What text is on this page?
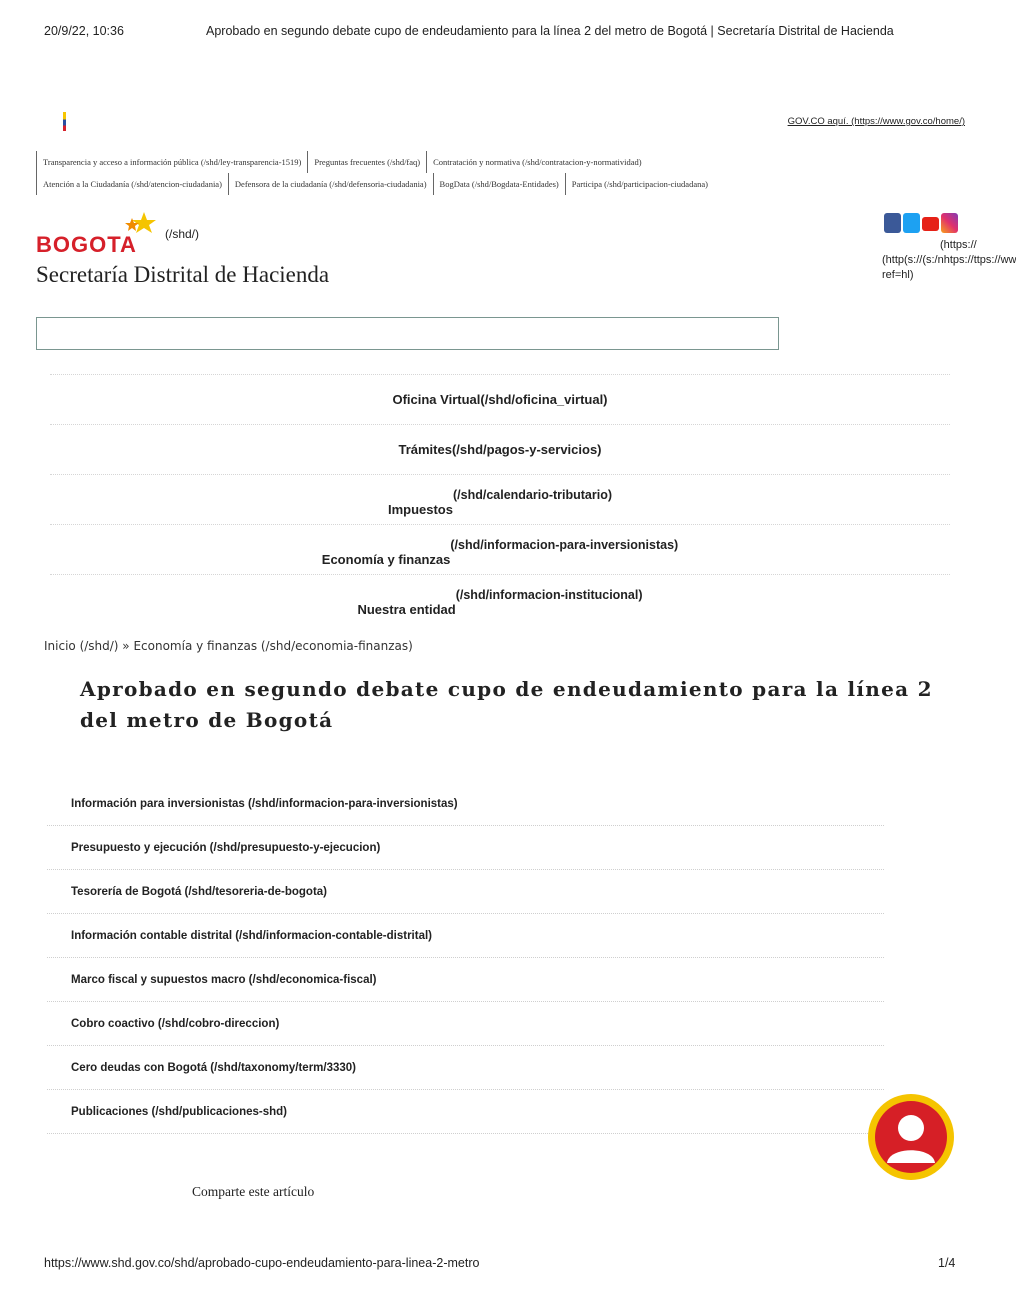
20/9/22, 10:36	Aprobado en segundo debate cupo de endeudamiento para la línea 2 del metro de Bogotá | Secretaría Distrital de Hacienda
GOV.CO aquí. (https://www.gov.co/home/)
Transparencia y acceso a información pública (/shd/ley-transparencia-1519)	Preguntas frecuentes (/shd/faq)	Contratación y normativa (/shd/contratacion-y-normatividad)
Atención a la Ciudadanía (/shd/atencion-ciudadania)	Defensora de la ciudadanía (/shd/defensoria-ciudadania)	BogData (/shd/Bogdata-Entidades)	Participa (/shd/participacion-ciudadana)
BOGOTA (/shd/)
Secretaría Distrital de Hacienda
(https://
(http(s://(s:/nhtps://ttps://ww
ref=hl)
Oficina Virtual(/shd/oficina_virtual)
Trámites(/shd/pagos-y-servicios)
Impuestos$^{(/shd/calendario-tributario)}$
Economía y finanzas$^{(/shd/informacion-para-inversionistas)}$
Nuestra entidad$^{(/shd/informacion-institucional)}$
Inicio (/shd/) » Economía y finanzas (/shd/economia-finanzas)
Aprobado en segundo debate cupo de endeudamiento para la línea 2 del metro de Bogotá
Información para inversionistas (/shd/informacion-para-inversionistas)
Presupuesto y ejecución (/shd/presupuesto-y-ejecucion)
Tesorería de Bogotá (/shd/tesoreria-de-bogota)
Información contable distrital (/shd/informacion-contable-distrital)
Marco fiscal y supuestos macro (/shd/economica-fiscal)
Cobro coactivo (/shd/cobro-direccion)
Cero deudas con Bogotá (/shd/taxonomy/term/3330)
Publicaciones (/shd/publicaciones-shd)
Comparte este artículo
https://www.shd.gov.co/shd/aprobado-cupo-endeudamiento-para-linea-2-metro	1/4
